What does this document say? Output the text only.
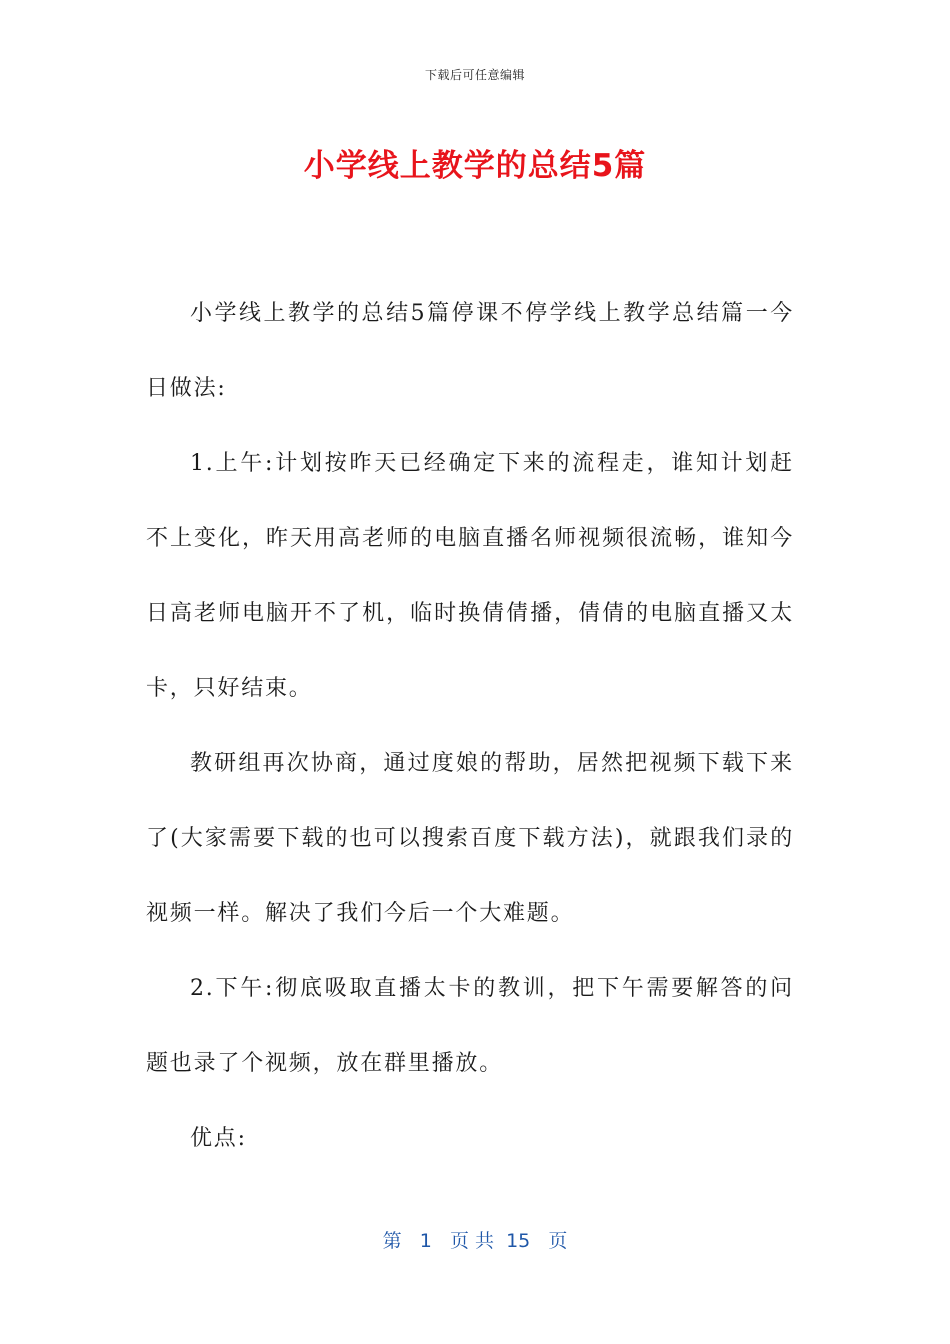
下载后可任意编辑
小学线上教学的总结5篇

小学线上教学的总结5篇停课不停学线上教学总结篇一今日做法:

1.上午:计划按昨天已经确定下来的流程走，谁知计划赶不上变化，昨天用高老师的电脑直播名师视频很流畅，谁知今日高老师电脑开不了机，临时换倩倩播，倩倩的电脑直播又太卡，只好结束。

教研组再次协商，通过度娘的帮助，居然把视频下载下来了(大家需要下载的也可以搜索百度下载方法)，就跟我们录的视频一样。解决了我们今后一个大难题。

2.下午:彻底吸取直播太卡的教训，把下午需要解答的问题也录了个视频，放在群里播放。

优点:

第 1 页 共 15 页
